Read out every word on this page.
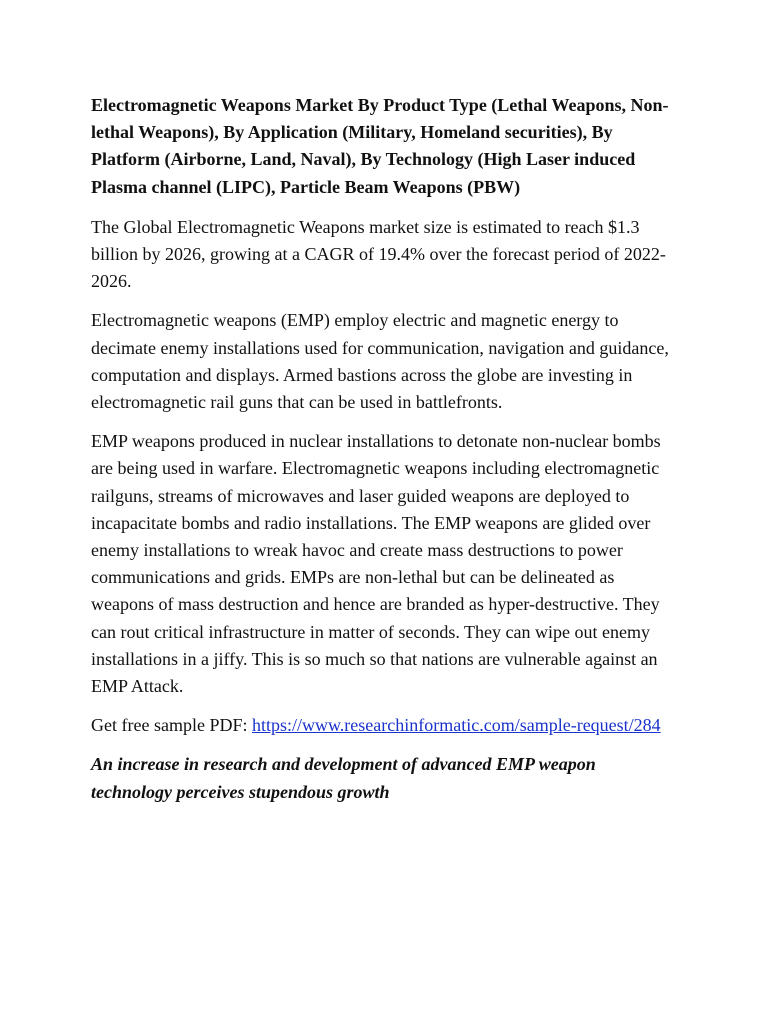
Electromagnetic Weapons Market By Product Type (Lethal Weapons, Non-lethal Weapons), By Application (Military, Homeland securities), By Platform (Airborne, Land, Naval), By Technology (High Laser induced Plasma channel (LIPC), Particle Beam Weapons (PBW)
The Global Electromagnetic Weapons market size is estimated to reach $1.3 billion by 2026, growing at a CAGR of 19.4% over the forecast period of 2022-2026.
Electromagnetic weapons (EMP) employ electric and magnetic energy to decimate enemy installations used for communication, navigation and guidance, computation and displays. Armed bastions across the globe are investing in electromagnetic rail guns that can be used in battlefronts.
EMP weapons produced in nuclear installations to detonate non-nuclear bombs are being used in warfare. Electromagnetic weapons including electromagnetic railguns, streams of microwaves and laser guided weapons are deployed to incapacitate bombs and radio installations. The EMP weapons are glided over enemy installations to wreak havoc and create mass destructions to power communications and grids. EMPs are non-lethal but can be delineated as weapons of mass destruction and hence are branded as hyper-destructive. They can rout critical infrastructure in matter of seconds. They can wipe out enemy installations in a jiffy. This is so much so that nations are vulnerable against an EMP Attack.
Get free sample PDF: https://www.researchinformatic.com/sample-request/284
An increase in research and development of advanced EMP weapon technology perceives stupendous growth
